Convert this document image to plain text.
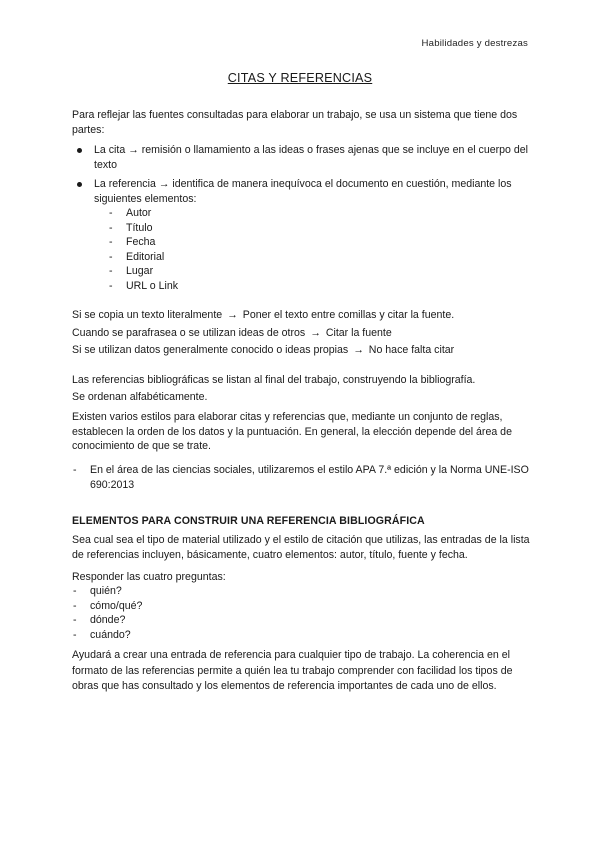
Habilidades y destrezas
CITAS Y REFERENCIAS

Para reflejar las fuentes consultadas para elaborar un trabajo, se usa un sistema que tiene dos partes:

La cita → remisión o llamamiento a las ideas o frases ajenas que se incluye en el cuerpo del texto
La referencia → identifica de manera inequívoca el documento en cuestión, mediante los siguientes elementos:
- Autor
- Título
- Fecha
- Editorial
- Lugar
- URL o Link
Si se copia un texto literalmente → Poner el texto entre comillas y citar la fuente.
Cuando se parafrasea o se utilizan ideas de otros → Citar la fuente
Si se utilizan datos generalmente conocido o ideas propias → No hace falta citar

Las referencias bibliográficas se listan al final del trabajo, construyendo la bibliografía.

Se ordenan alfabéticamente.

Existen varios estilos para elaborar citas y referencias que, mediante un conjunto de reglas, establecen la orden de los datos y la puntuación. En general, la elección depende del área de conocimiento de que se trate.

- En el área de las ciencias sociales, utilizaremos el estilo APA 7.ª edición y la Norma UNE-ISO 690:2013

ELEMENTOS PARA CONSTRUIR UNA REFERENCIA BIBLIOGRÁFICA

Sea cual sea el tipo de material utilizado y el estilo de citación que utilizas, las entradas de la lista de referencias incluyen, básicamente, cuatro elementos: autor, título, fuente y fecha.

Responder las cuatro preguntas:

- quién?
- cómo/qué?
- dónde?
- cuándo?

Ayudará a crear una entrada de referencia para cualquier tipo de trabajo. La coherencia en el formato de las referencias permite a quién lea tu trabajo comprender con facilidad los tipos de obras que has consultado y los elementos de referencia importantes de cada uno de ellos.
